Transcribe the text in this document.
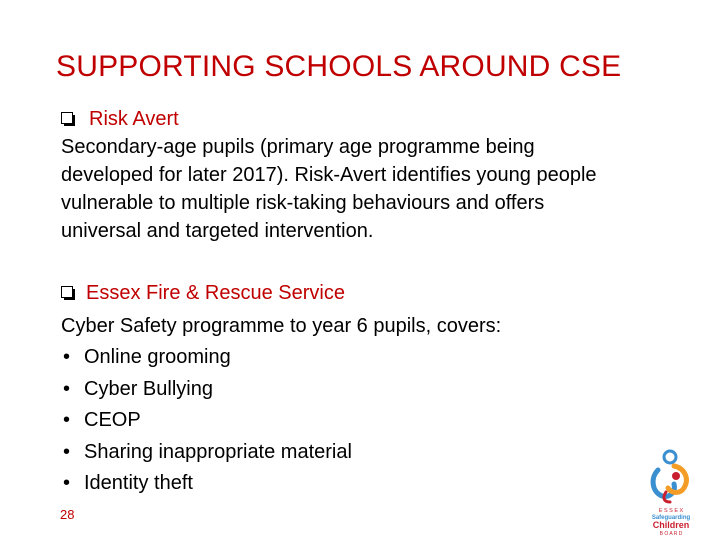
SUPPORTING SCHOOLS AROUND CSE
Risk Avert
Secondary-age pupils (primary age programme being
developed for later 2017). Risk-Avert identifies young people
vulnerable to multiple risk-taking behaviours and offers
universal and targeted intervention.
Essex Fire & Rescue Service
Cyber Safety programme to year 6 pupils, covers:
• Online grooming
• Cyber Bullying
• CEOP
• Sharing inappropriate material
• Identity theft
28	E S S E X
Safeguarding
Children
B O A R D
